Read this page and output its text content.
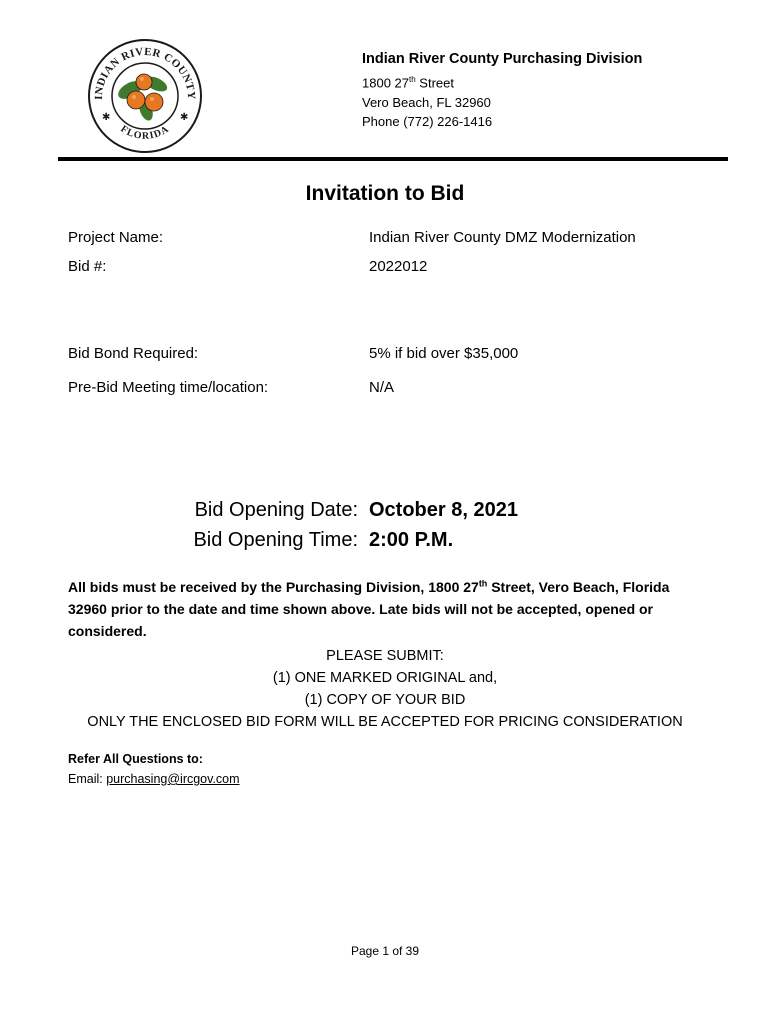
INDIAN RIVER COUNTY
FLORIDA
✱	✱
Indian River County Purchasing Division
1800 27th Street
Vero Beach, FL 32960
Phone (772) 226-1416
Invitation to Bid
Project Name:	Indian River County DMZ Modernization
Bid #:	2022012
Bid Bond Required:	5% if bid over $35,000
Pre-Bid Meeting time/location:	N/A
Bid Opening Date: October 8, 2021
Bid Opening Time: 2:00 P.M.
All bids must be received by the Purchasing Division, 1800 27th Street, Vero Beach, Florida 32960 prior to the date and time shown above. Late bids will not be accepted, opened or considered.
PLEASE SUBMIT:
(1) ONE MARKED ORIGINAL and,
(1) COPY OF YOUR BID
ONLY THE ENCLOSED BID FORM WILL BE ACCEPTED FOR PRICING CONSIDERATION
Refer All Questions to:
Email: purchasing@ircgov.com
Page 1 of 39
